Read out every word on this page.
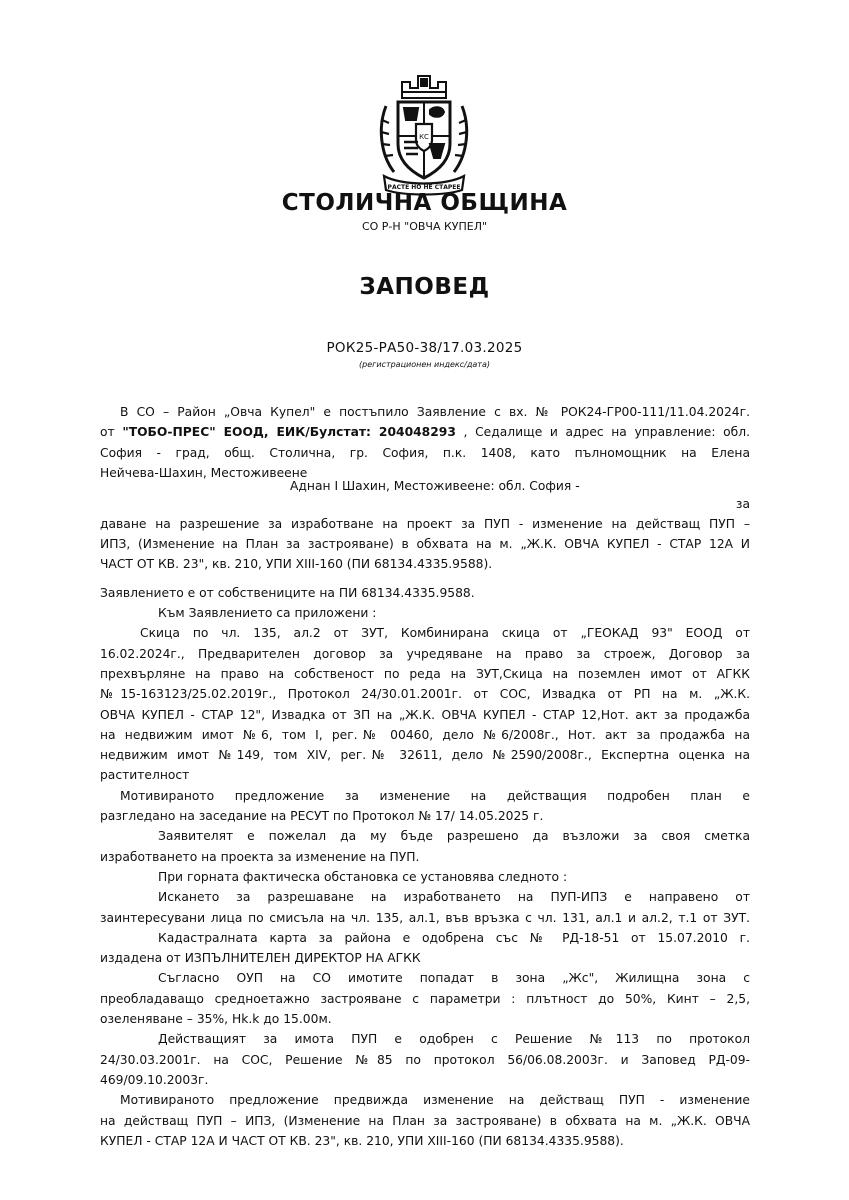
КС
РАСТЕ НО НЕ СТАРЕЕ
СТОЛИЧНА ОБЩИНА
СО Р-Н "ОВЧА КУПЕЛ"
ЗАПОВЕД
РОК25-РА50-38/17.03.2025
(регистрационен индекс/дата)

В СО – Район „Овча Купел" е постъпило Заявление с вх. № РОК24-ГР00-111/11.04.2024г.

от "ТОБО-ПРЕС" ЕООД, ЕИК/Булстат: 204048293 , Седалище и адрес на управление: обл.

София - град, общ. Столична, гр. София, п.к. 1408, като пълномощник на Елена

Нейчева-Шахин, Местоживеене

Аднан I Шахин, Местоживеене: обл. София -
за

даване на разрешение за изработване на проект за ПУП - изменение на действащ ПУП –

ИПЗ, (Изменение на План за застрояване) в обхвата на м. „Ж.К. ОВЧА КУПЕЛ - СТАР 12А И

ЧАСТ ОТ КВ. 23", кв. 210, УПИ XIII-160 (ПИ 68134.4335.9588).

Заявлението е от собствениците на ПИ 68134.4335.9588.

Към Заявлението са приложени :

Скица по чл. 135, ал.2 от ЗУТ, Комбинирана скица от „ГЕОКАД 93" ЕООД от

16.02.2024г., Предварителен договор за учредяване на право за строеж, Договор за

прехвърляне на право на собственост по реда на ЗУТ,Скица на поземлен имот от АГКК

№15-163123/25.02.2019г., Протокол 24/30.01.2001г. от СОС, Извадка от РП на м. „Ж.К.

ОВЧА КУПЕЛ - СТАР 12", Извадка от ЗП на „Ж.К. ОВЧА КУПЕЛ - СТАР 12,Нот. акт за продажба

на недвижим имот №6, том I, рег.№ 00460, дело №6/2008г., Нот. акт за продажба на

недвижим имот №149, том XIV, рег.№ 32611, дело №2590/2008г., Експертна оценка на

растителност

Мотивираното предложение за изменение на действащия подробен план е

разгледано на заседание на РЕСУТ по Протокол № 17/ 14.05.2025 г.

Заявителят е пожелал да му бъде разрешено да възложи за своя сметка

изработването на проекта за изменение на ПУП.

При горната фактическа обстановка се установява следното :

Искането за разрешаване на изработването на ПУП-ИПЗ е направено от

заинтересувани лица по смисъла на чл. 135, ал.1, във връзка с чл. 131, ал.1 и ал.2, т.1 от ЗУТ.

Кадастралната карта за района е одобрена със № РД-18-51 от 15.07.2010 г.

издадена от ИЗПЪЛНИТЕЛЕН ДИРЕКТОР НА АГКК

Съгласно ОУП на СО имотите попадат в зона „Жс", Жилищна зона с

преобладаващо средноетажно застрояване с параметри : плътност до 50%, Кинт – 2,5,

озеленяване – 35%, Hk.k до 15.00м.

Действащият за имота ПУП е одобрен с Решение №113 по протокол

24/30.03.2001г. на СОС, Решение №85 по протокол 56/06.08.2003г. и Заповед РД-09-

469/09.10.2003г.

Мотивираното предложение предвижда изменение на действащ ПУП - изменение

на действащ ПУП – ИПЗ, (Изменение на План за застрояване) в обхвата на м. „Ж.К. ОВЧА

КУПЕЛ - СТАР 12А И ЧАСТ ОТ КВ. 23", кв. 210, УПИ XIII-160 (ПИ 68134.4335.9588).
